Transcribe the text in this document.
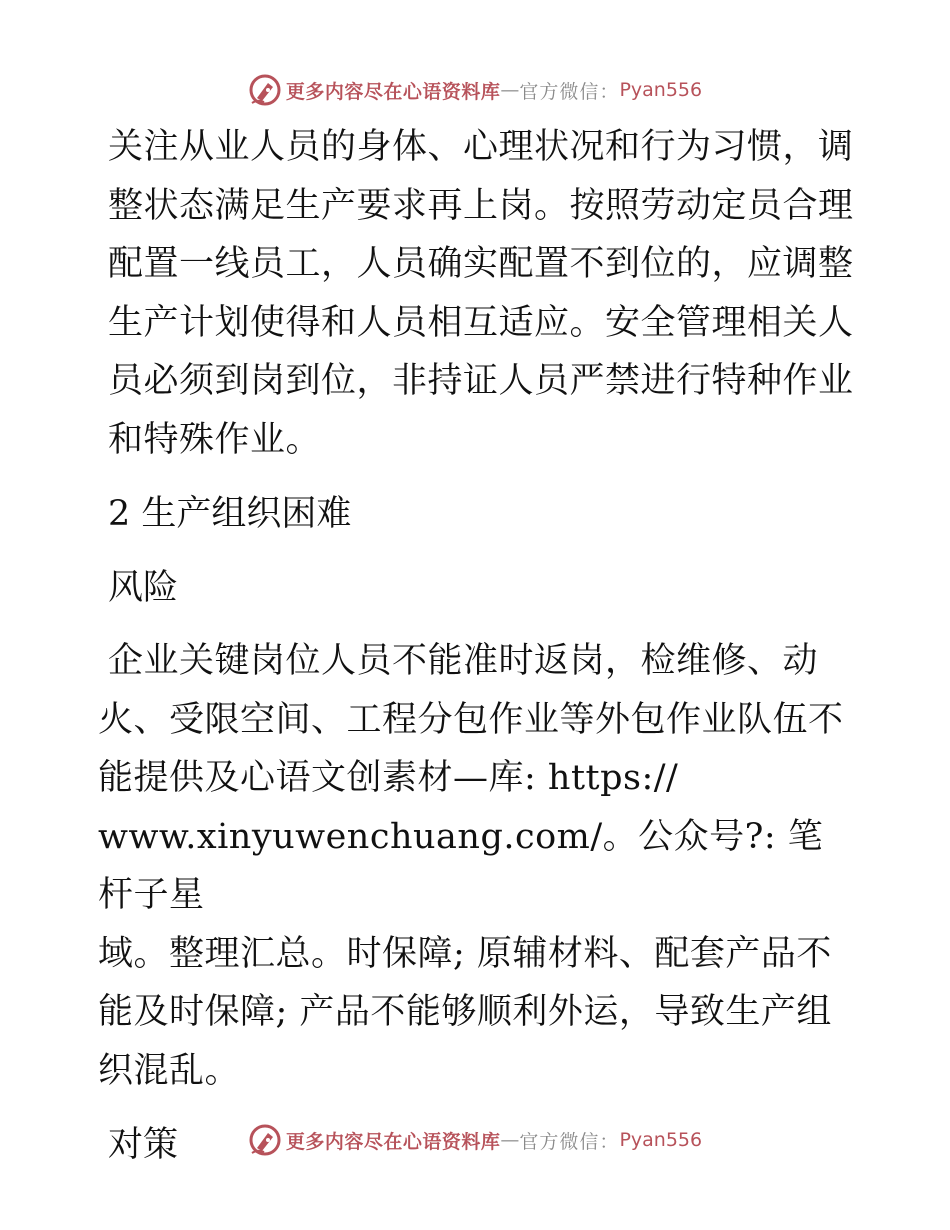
更多内容尽在心语资料库 — 官方微信： Pyan556

关注从业人员的身体、心理状况和行为习惯，调整状态满足生产要求再上岗。按照劳动定员合理配置一线员工，人员确实配置不到位的，应调整生产计划使得和人员相互适应。安全管理相关人员必须到岗到位，非持证人员严禁进行特种作业和特殊作业。

2 生产组织困难

风险

企业关键岗位人员不能准时返岗，检维修、动
火、受限空间、工程分包作业等外包作业队伍不能提供及心语文创素材—库: https://
www.xinyuwenchuang.com/。公众号?: 笔杆子星
域。整理汇总。时保障; 原辅材料、配套产品不能及时保障; 产品不能够顺利外运，导致生产组织混乱。

对策	更多内容尽在心语资料库 — 官方微信： Pyan556
